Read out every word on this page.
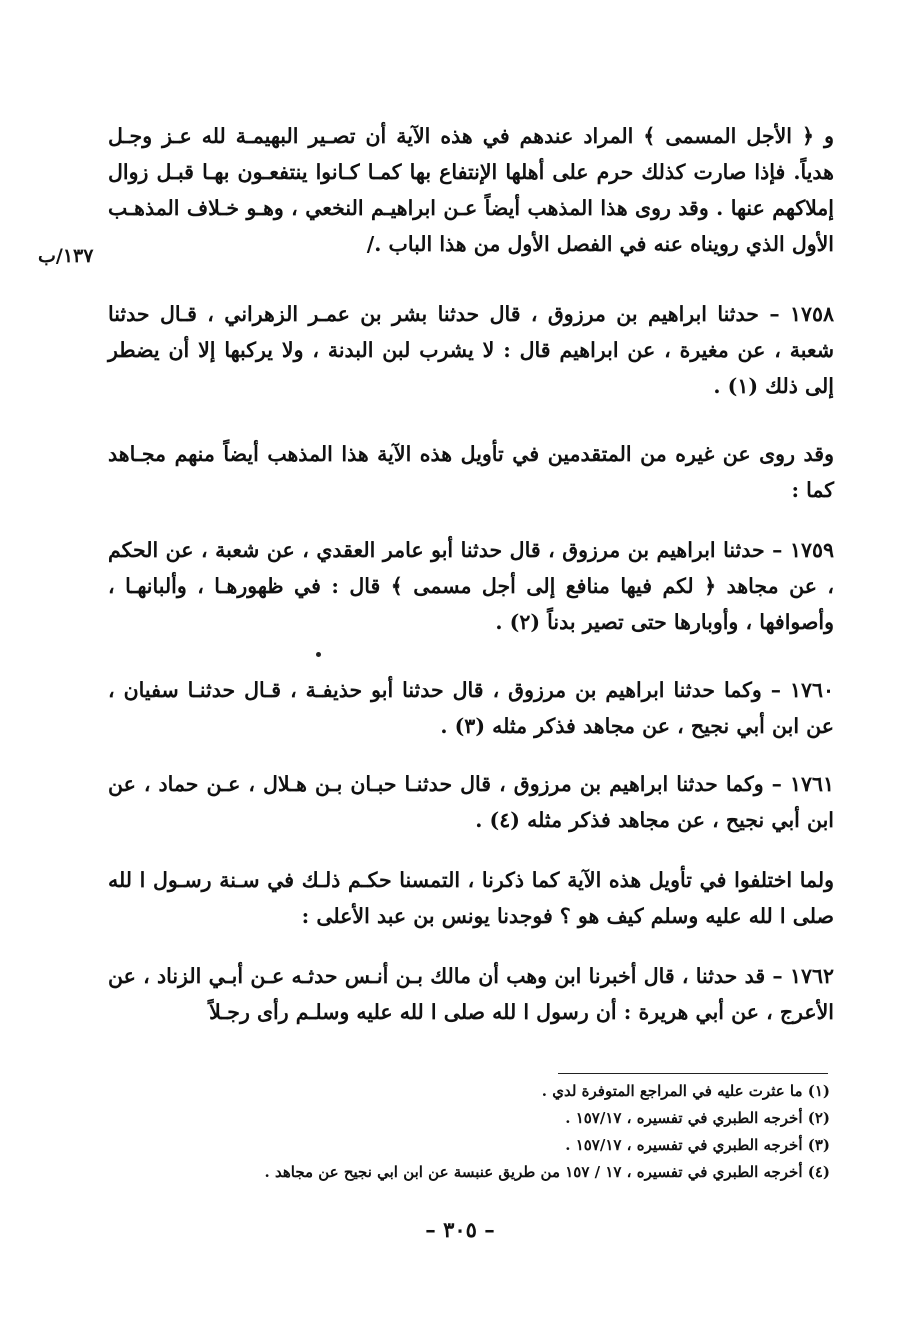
١٣٧/ب

و ﴿ الأجل المسمى ﴾ المراد عندهم في هذه الآية أن تصـير البهيمـة لله عـز وجـل هدياً. فإذا صارت كذلك حرم على أهلها الإنتفاع بها كمـا كـانوا ينتفعـون بهـا قبـل زوال إملاكهم عنها . وقد روى هذا المذهب أيضاً عـن ابراهيـم النخعي ، وهـو خـلاف المذهـب الأول الذي رويناه عنه في الفصل الأول من هذا الباب ./

١٧٥٨ – حدثنا ابراهيم بن مرزوق ، قال حدثنا بشر بن عمـر الزهراني ، قـال حدثنا شعبة ، عن مغيرة ، عن ابراهيم قال : لا يشرب لبن البدنة ، ولا يركبها إلا أن يضطر إلى ذلك (١) .

وقد روى عن غيره من المتقدمين في تأويل هذه الآية هذا المذهب أيضاً منهم مجـاهد كما :

١٧٥٩ – حدثنا ابراهيم بن مرزوق ، قال حدثنا أبو عامر العقدي ، عن شعبة ، عن الحكم ، عن مجاهد ﴿ لكم فيها منافع إلى أجل مسمى ﴾ قال : في ظهورهـا ، وألبانهـا ، وأصوافها ، وأوبارها حتى تصير بدناً (٢) .

١٧٦٠ – وكما حدثنا ابراهيم بن مرزوق ، قال حدثنا أبو حذيفـة ، قـال حدثنـا سفيان ، عن ابن أبي نجيح ، عن مجاهد فذكر مثله (٣) .

١٧٦١ – وكما حدثنا ابراهيم بن مرزوق ، قال حدثنـا حبـان بـن هـلال ، عـن حماد ، عن ابن أبي نجيح ، عن مجاهد فذكر مثله (٤) .

ولما اختلفوا في تأويل هذه الآية كما ذكرنا ، التمسنا حكـم ذلـك في سـنة رسـول ا لله صلى ا لله عليه وسلم كيف هو ؟ فوجدنا يونس بن عبد الأعلى :

١٧٦٢ – قد حدثنا ، قال أخبرنا ابن وهب أن مالك بـن أنـس حدثـه عـن أبـي الزناد ، عن الأعرج ، عن أبي هريرة : أن رسول ا لله صلى ا لله عليه وسلـم رأى رجـلاً

(١) ما عثرت عليه في المراجع المتوفرة لدي .

(٢) أخرجه الطبري في تفسيره ، ١٥٧/١٧ .

(٣) أخرجه الطبري في تفسيره ، ١٥٧/١٧ .

(٤) أخرجه الطبري في تفسيره ، ١٧ / ١٥٧ من طريق عنبسة عن ابن ابي نجيح عن مجاهد .

– ٣٠٥ –
